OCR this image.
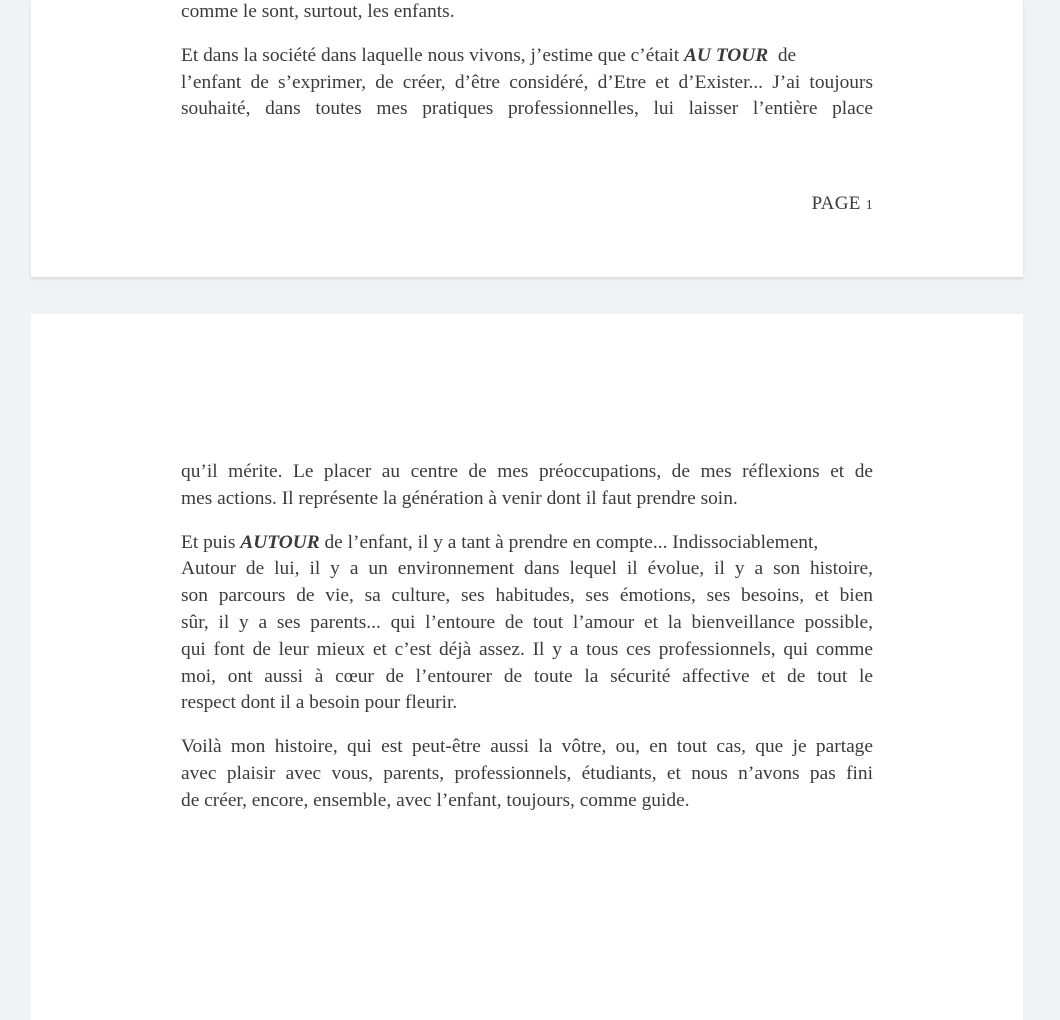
comme le sont, surtout, les enfants.

Et dans la société dans laquelle nous vivons, j’estime que c’était AU TOUR  de
l’enfant de s’exprimer, de créer, d’être considéré, d’Etre et d’Exister... J’ai toujours
souhaité, dans toutes mes pratiques professionnelles, lui laisser l’entière place

PAGE 1

qu’il mérite. Le placer au centre de mes préoccupations, de mes réflexions et de
mes actions. Il représente la génération à venir dont il faut prendre soin.

Et puis AUTOUR de l’enfant, il y a tant à prendre en compte... Indissociablement,
Autour de lui, il y a un environnement dans lequel il évolue, il y a son histoire,
son parcours de vie, sa culture, ses habitudes, ses émotions, ses besoins, et bien
sûr, il y a ses parents... qui l’entoure de tout l’amour et la bienveillance possible,
qui font de leur mieux et c’est déjà assez. Il y a tous ces professionnels, qui comme
moi, ont aussi à cœur de l’entourer de toute la sécurité affective et de tout le
respect dont il a besoin pour fleurir.

Voilà mon histoire, qui est peut-être aussi la vôtre, ou, en tout cas, que je partage
avec plaisir avec vous, parents, professionnels, étudiants, et nous n’avons pas fini
de créer, encore, ensemble, avec l’enfant, toujours, comme guide.
